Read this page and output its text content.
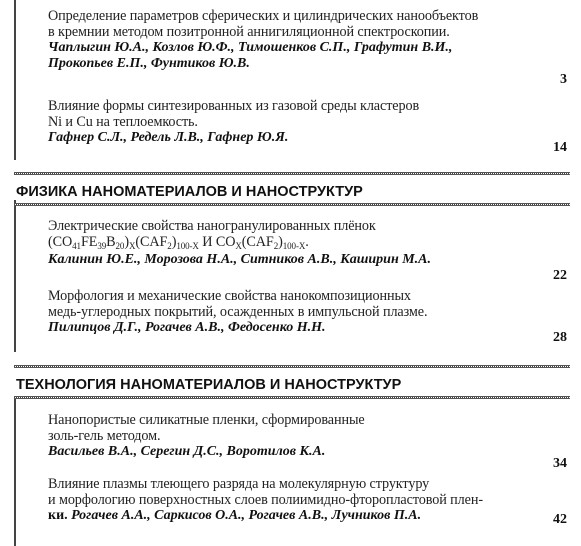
Определение параметров сферических и цилиндрических нанообъектов
в кремнии методом позитронной аннигиляционной спектроскопии.
Чаплыгин Ю.А., Козлов Ю.Ф., Тимошенков С.П., Графутин В.И.,
Прокопьев Е.П., Фунтиков Ю.В.
3
Влияние формы синтезированных из газовой среды кластеров
Ni и Cu на теплоемкость.
Гафнер С.Л., Редель Л.В., Гафнер Ю.Я.
14
ФИЗИКА НАНОМАТЕРИАЛОВ И НАНОСТРУКТУР
Электрические свойства наногранулированных плёнок
$(CO_{41}FE_{39}B_{20})_X(CAF_2)_{100-X}$ И $CO_X(CAF_2)_{100-X}$.
Калинин Ю.Е., Морозова Н.А., Ситников А.В., Каширин М.А.
22
Морфология и механические свойства нанокомпозиционных
медь-углеродных покрытий, осажденных в импульсной плазме.
Пилипцов Д.Г., Рогачев А.В., Федосенко Н.Н.
28
ТЕХНОЛОГИЯ НАНОМАТЕРИАЛОВ И НАНОСТРУКТУР
Нанопористые силикатные пленки, сформированные
золь-гель методом.
Васильев В.А., Серегин Д.С., Воротилов К.А.
34
Влияние плазмы тлеющего разряда на молекулярную структуру
и морфологию поверхностных слоев полиимидно-фторопластовой плен-
ки. Рогачев А.А., Саркисов О.А., Рогачев А.В., Лучников П.А.	42
